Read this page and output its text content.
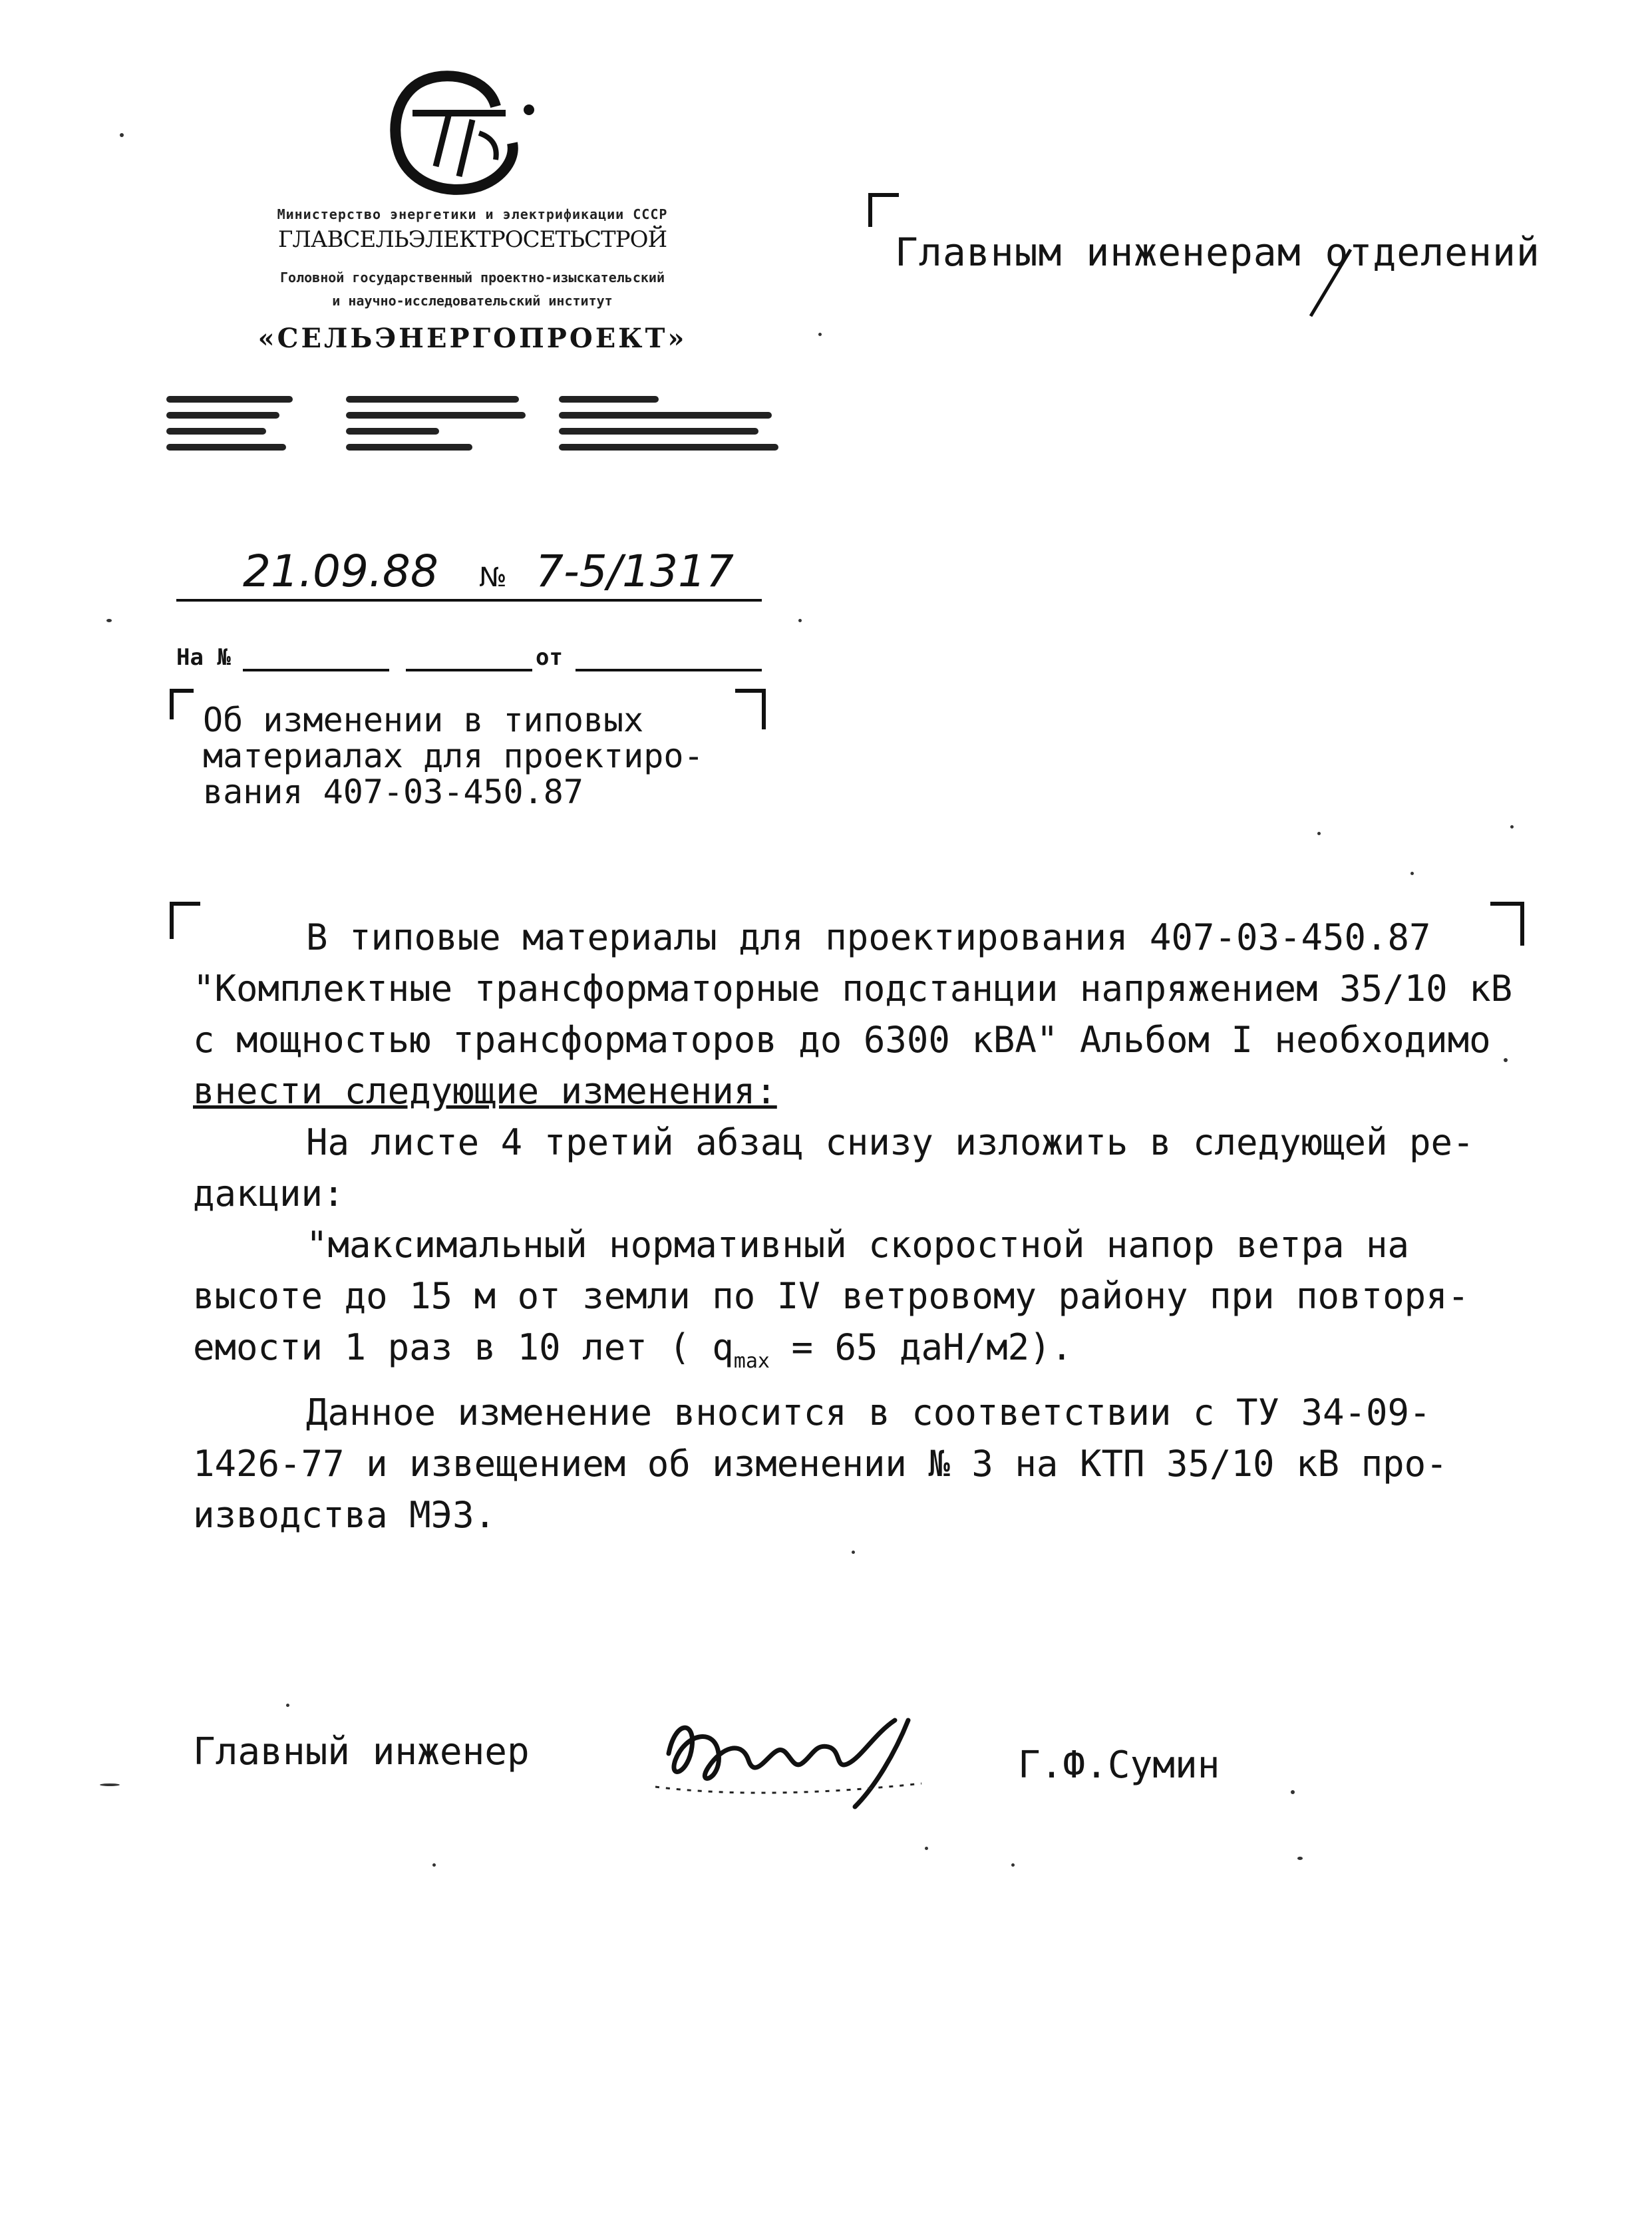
Министерство энергетики и электрификации СССР
ГЛАВСЕЛЬЭЛЕКТРОСЕТЬСТРОЙ
Головной государственный проектно-изыскательский
и научно-исследовательский институт
«СЕЛЬЭНЕРГОПРОЕКТ»
Главным инженерам отделений
21.09.88 № 7-5/1317
На №	от
Об изменении в типовых
материалах для проектиро-
вания 407-03-450.87

В типовые материалы для проектирования 407-03-450.87

"Комплектные трансформаторные подстанции напряжением 35/10 кВ

с мощностью трансформаторов до 6300 кВА" Альбом I необходимо

внести следующие изменения:

На листе 4 третий абзац снизу изложить в следующей ре-

дакции:

"максимальный нормативный скоростной напор ветра на

высоте до 15 м от земли по IV ветровому району при повторя-

емости 1 раз в 10 лет ( $q_{max} = 65$ даН/м2).

Данное изменение вносится в соответствии с ТУ 34-09-

1426-77 и извещением об изменении № 3 на КТП 35/10 кВ про-

изводства МЭЗ.

Главный инженер	Г.Ф.Сумин
